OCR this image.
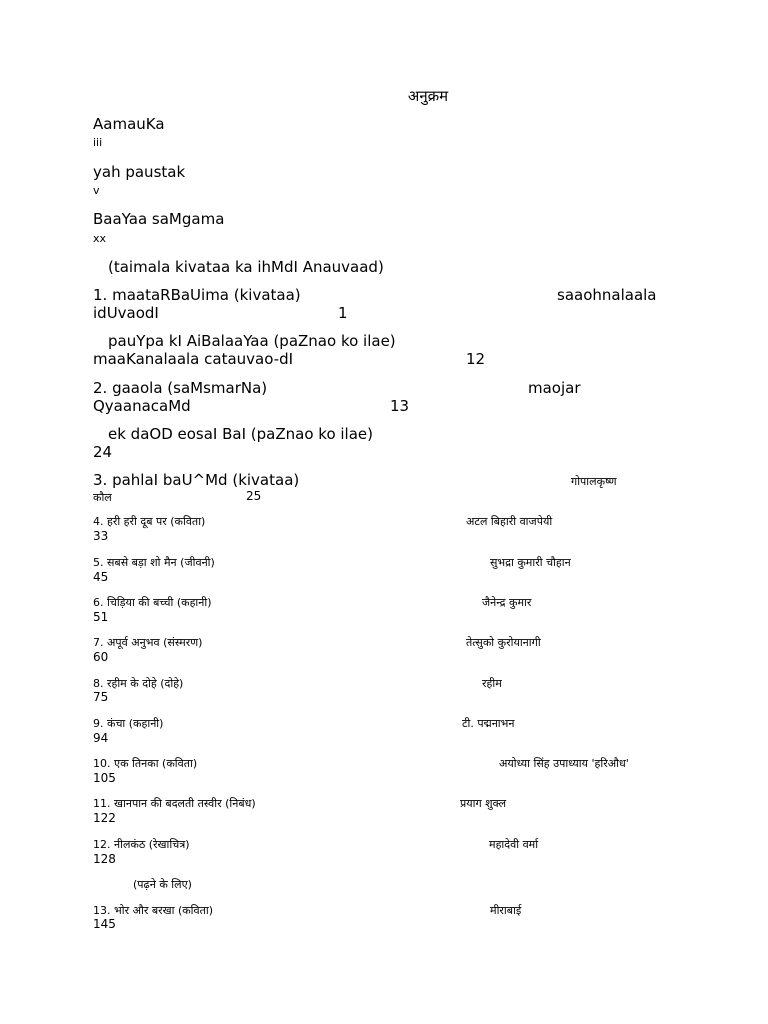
अनुक्रम
AamauKa
iii
yah paustak
v
BaaYaa saMgama
xx
(taimala kivataa ka ihMdI Anauvaad)
1. maataRBaUima (kivataa)	saaohnalaala
idUvaodI	1
pauYpa kI AiBalaaYaa (paZnao ko ilae)
maaKanalaala catauvao-dI	12
2. gaaola (saMsmarNa)	maojar
QyaanacaMd	13
ek daOD eosaI BaI (paZnao ko ilae)
24
3. pahlaI baU^Md (kivataa)	गोपालकृष्ण
कौल	25
4. हरी हरी दूब पर (कविता)	अटल बिहारी वाजपेयी
33
5. सबसे बड़ा शो मैन (जीवनी)	सुभद्रा कुमारी चौहान
45
6. चिड़िया की बच्ची (कहानी)	जैनेन्द्र कुमार
51
7. अपूर्व अनुभव (संस्मरण)	तेत्सुको कुरोयानागी
60
8. रहीम के दोहे (दोहे)	रहीम
75
9. कंचा (कहानी)	टी. पद्मनाभन
94
10. एक तिनका (कविता)	अयोध्या सिंह उपाध्याय 'हरिऔध'
105
11. खानपान की बदलती तस्वीर (निबंध)	प्रयाग शुक्ल
122
12. नीलकंठ (रेखाचित्र)	महादेवी वर्मा
128
(पढ़ने के लिए)
13. भोर और बरखा (कविता)	मीराबाई
145
